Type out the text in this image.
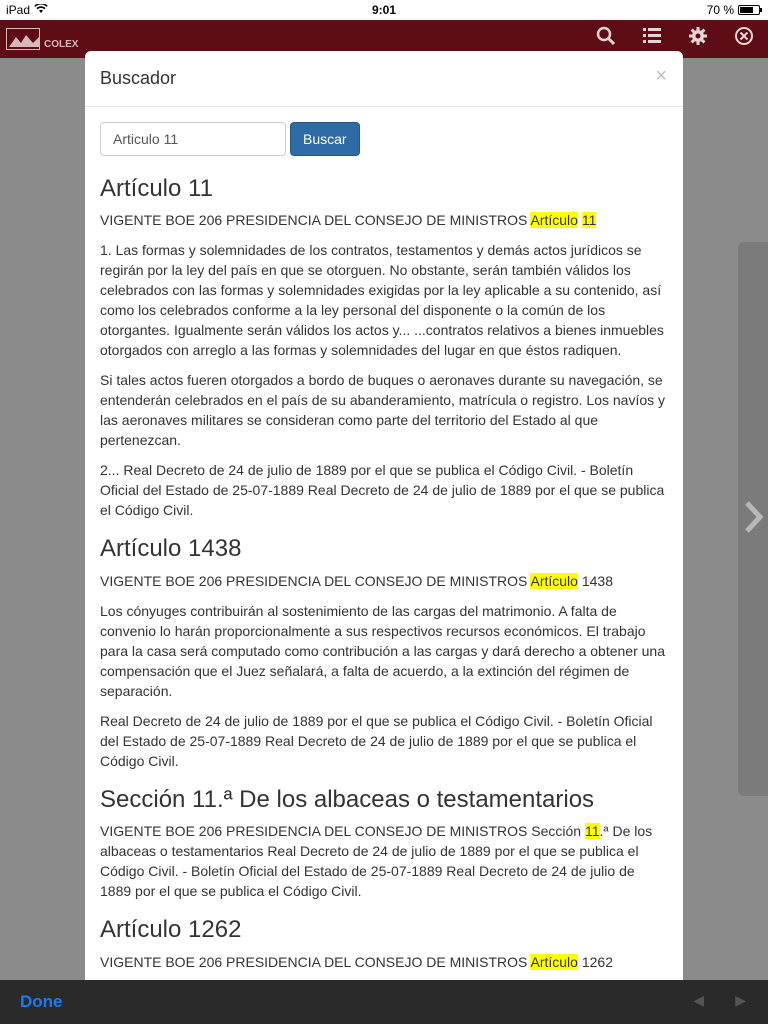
iPad	9:01	70 %
COLEX
Buscador	×
Articulo 11
Buscar
Artículo 11

VIGENTE BOE 206 PRESIDENCIA DEL CONSEJO DE MINISTROS Artículo 11

1. Las formas y solemnidades de los contratos, testamentos y demás actos jurídicos se regirán por la ley del país en que se otorguen. No obstante, serán también válidos los celebrados con las formas y solemnidades exigidas por la ley aplicable a su contenido, así como los celebrados conforme a la ley personal del disponente o la común de los otorgantes. Igualmente serán válidos los actos y... ...contratos relativos a bienes inmuebles otorgados con arreglo a las formas y solemnidades del lugar en que éstos radiquen.

Si tales actos fueren otorgados a bordo de buques o aeronaves durante su navegación, se entenderán celebrados en el país de su abanderamiento, matrícula o registro. Los navíos y las aeronaves militares se consideran como parte del territorio del Estado al que pertenezcan.

2... Real Decreto de 24 de julio de 1889 por el que se publica el Código Civil. - Boletín Oficial del Estado de 25-07-1889 Real Decreto de 24 de julio de 1889 por el que se publica el Código Civil.

Artículo 1438

VIGENTE BOE 206 PRESIDENCIA DEL CONSEJO DE MINISTROS Artículo 1438

Los cónyuges contribuirán al sostenimiento de las cargas del matrimonio. A falta de convenio lo harán proporcionalmente a sus respectivos recursos económicos. El trabajo para la casa será computado como contribución a las cargas y dará derecho a obtener una compensación que el Juez señalará, a falta de acuerdo, a la extinción del régimen de separación.

Real Decreto de 24 de julio de 1889 por el que se publica el Código Civil. - Boletín Oficial del Estado de 25-07-1889 Real Decreto de 24 de julio de 1889 por el que se publica el Código Civil.

Sección 11.ª De los albaceas o testamentarios

VIGENTE BOE 206 PRESIDENCIA DEL CONSEJO DE MINISTROS Sección 11.ª De los albaceas o testamentarios Real Decreto de 24 de julio de 1889 por el que se publica el Código Civil. - Boletín Oficial del Estado de 25-07-1889 Real Decreto de 24 de julio de 1889 por el que se publica el Código Civil.

Artículo 1262

VIGENTE BOE 206 PRESIDENCIA DEL CONSEJO DE MINISTROS Artículo 1262

Done	◀ ▶
